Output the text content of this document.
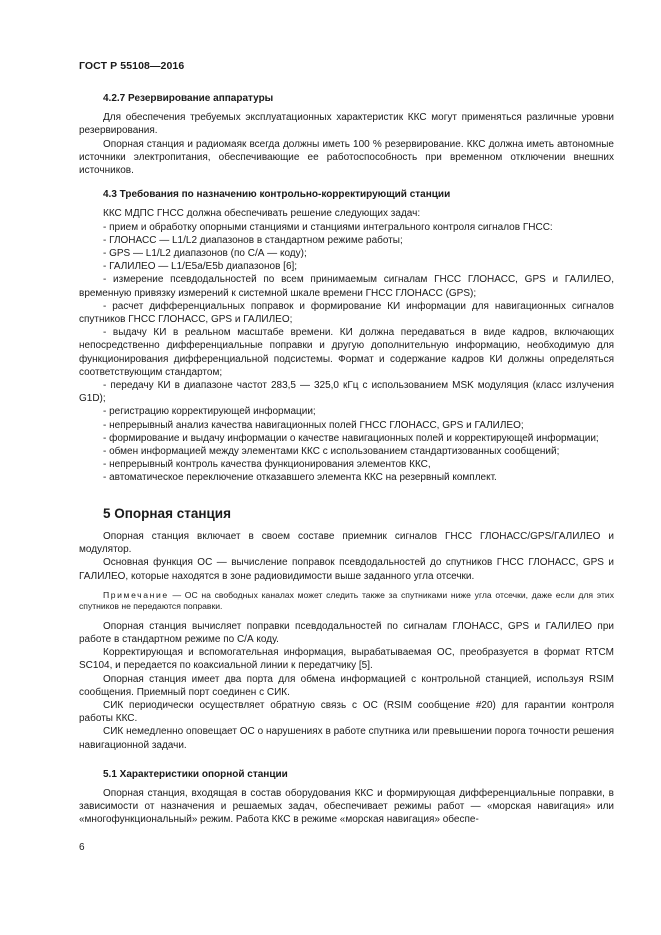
ГОСТ Р 55108—2016
4.2.7 Резервирование аппаратуры

Для обеспечения требуемых эксплуатационных характеристик ККС могут применяться различные уровни резервирования.

Опорная станция и радиомаяк всегда должны иметь 100 % резервирование. ККС должна иметь автономные источники электропитания, обеспечивающие ее работоспособность при временном отключении внешних источников.

4.3 Требования по назначению контрольно-корректирующий станции

ККС МДПС ГНСС должна обеспечивать решение следующих задач:

- прием и обработку опорными станциями и станциями интегрального контроля сигналов ГНСС:

- ГЛОНАСС — L1/L2 диапазонов в стандартном режиме работы;

- GPS — L1/L2 диапазонов (по С/А — коду);

- ГАЛИЛЕО — L1/E5a/E5b диапазонов [6];

- измерение псевдодальностей по всем принимаемым сигналам ГНСС ГЛОНАСС, GPS и ГАЛИЛЕО, временную привязку измерений к системной шкале времени ГНСС ГЛОНАСС (GPS);

- расчет дифференциальных поправок и формирование КИ информации для навигационных сигналов спутников ГНСС ГЛОНАСС, GPS и ГАЛИЛЕО;

- выдачу КИ в реальном масштабе времени. КИ должна передаваться в виде кадров, включающих непосредственно дифференциальные поправки и другую дополнительную информацию, необходимую для функционирования дифференциальной подсистемы. Формат и содержание кадров КИ должны определяться соответствующим стандартом;

- передачу КИ в диапазоне частот 283,5 — 325,0 кГц с использованием MSK модуляция (класс излучения G1D);

- регистрацию корректирующей информации;

- непрерывный анализ качества навигационных полей ГНСС ГЛОНАСС, GPS и ГАЛИЛЕО;

- формирование и выдачу информации о качестве навигационных полей и корректирующей информации;

- обмен информацией между элементами ККС с использованием стандартизованных сообщений;

- непрерывный контроль качества функционирования элементов ККС,

- автоматическое переключение отказавшего элемента ККС на резервный комплект.

5 Опорная станция

Опорная станция включает в своем составе приемник сигналов ГНСС ГЛОНАСС/GPS/ГАЛИЛЕО и модулятор.

Основная функция ОС — вычисление поправок псевдодальностей до спутников ГНСС ГЛОНАСС, GPS и ГАЛИЛЕО, которые находятся в зоне радиовидимости выше заданного угла отсечки.

Примечание — ОС на свободных каналах может следить также за спутниками ниже угла отсечки, даже если для этих спутников не передаются поправки.

Опорная станция вычисляет поправки псевдодальностей по сигналам ГЛОНАСС, GPS и ГАЛИЛЕО при работе в стандартном режиме по С/А коду.

Корректирующая и вспомогательная информация, вырабатываемая ОС, преобразуется в формат RTCM SC104, и передается по коаксиальной линии к передатчику [5].

Опорная станция имеет два порта для обмена информацией с контрольной станцией, используя RSIM сообщения. Приемный порт соединен с СИК.

СИК периодически осуществляет обратную связь с ОС (RSIM сообщение #20) для гарантии контроля работы ККС.

СИК немедленно оповещает ОС о нарушениях в работе спутника или превышении порога точности решения навигационной задачи.

5.1 Характеристики опорной станции

Опорная станция, входящая в состав оборудования ККС и формирующая дифференциальные поправки, в зависимости от назначения и решаемых задач, обеспечивает режимы работ — «морская навигация» или «многофункциональный» режим. Работа ККС в режиме «морская навигация» обеспе-

6
